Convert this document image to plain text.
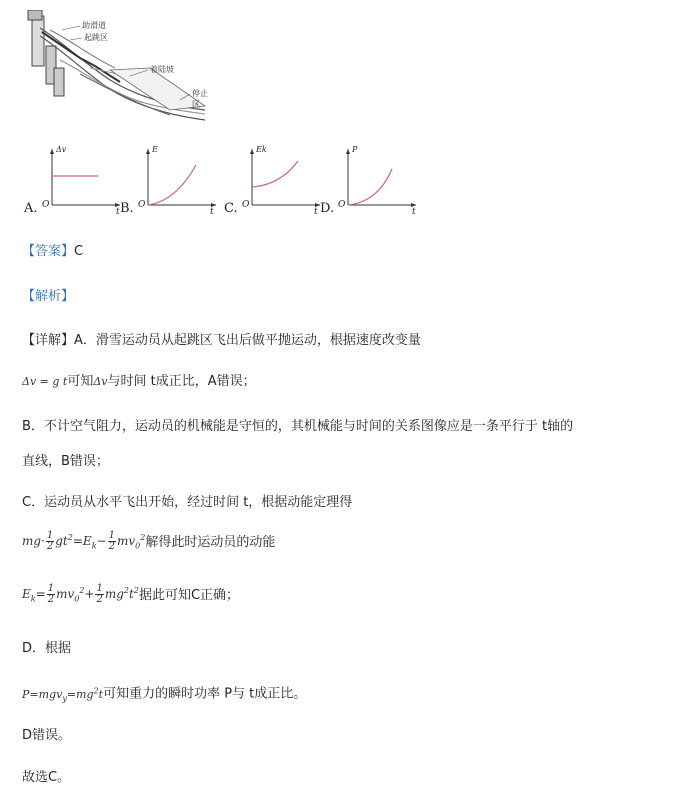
助滑道
起跳区
着陆坡
停止区
A.
Δv
O
t B.
E
O
t C.
Ek
O
t D.
P
O
t
【答案】C
【解析】
【详解】A．滑雪运动员从起跳区飞出后做平抛运动，根据速度改变量
Δv = g t可知Δv与时间 t成正比，A错误；
B．不计空气阻力，运动员的机械能是守恒的，其机械能与时间的关系图像应是一条平行于 t轴的
直线，B错误；
C．运动员从水平飞出开始，经过时间 t，根据动能定理得
$mg\cdot \frac{1}{2} gt^2=E_k- \frac{1}{2} mv_0^2$解得此时运动员的动能
$E_k= \frac{1}{2} mv_0^2+ \frac{1}{2} mg^2t^2$据此可知C正确；
D．根据
$P=mgv_y=mg^2t$可知重力的瞬时功率 P与 t成正比。
D错误。
故选C。
